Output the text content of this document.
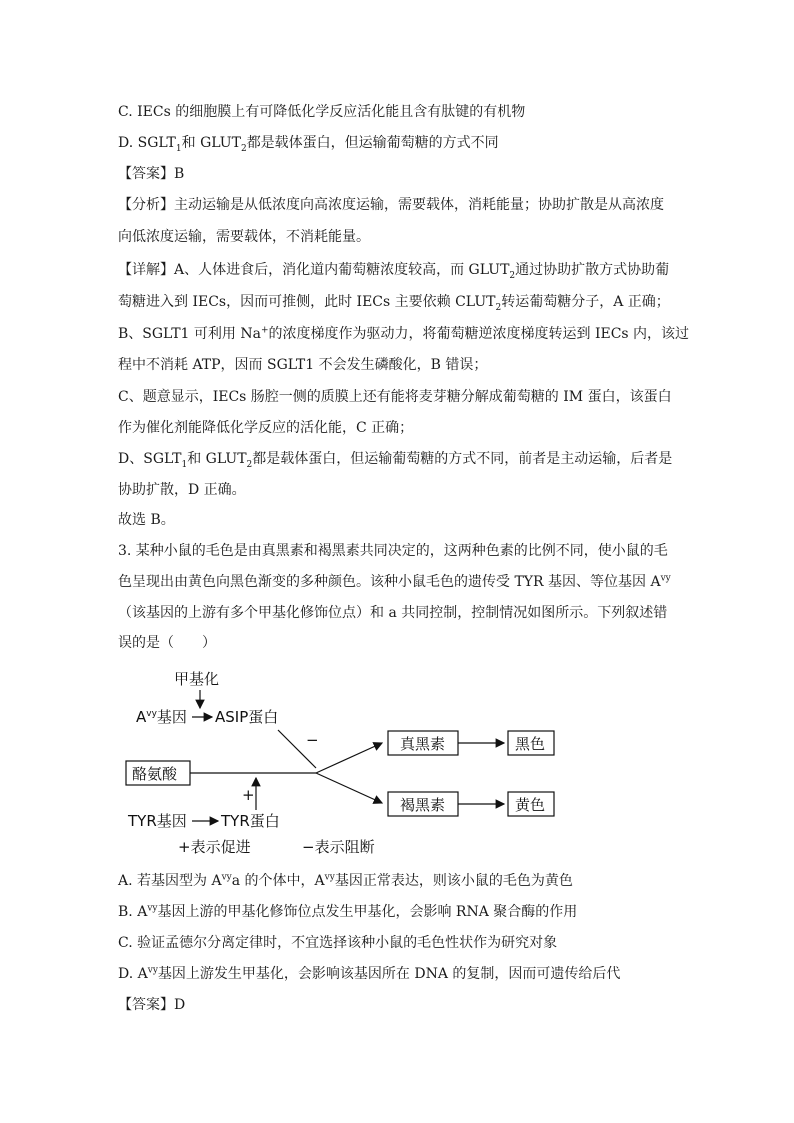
C. IECs 的细胞膜上有可降低化学反应活化能且含有肽键的有机物
D. $SGLT_1$和 $GLUT_2$都是载体蛋白，但运输葡萄糖的方式不同
【答案】B
【分析】主动运输是从低浓度向高浓度运输，需要载体，消耗能量；协助扩散是从高浓度
向低浓度运输，需要载体，不消耗能量。
【详解】A、人体进食后，消化道内葡萄糖浓度较高，而 $GLUT_2$通过协助扩散方式协助葡
萄糖进入到 IECs，因而可推侧，此时 IECs 主要依赖 $CLUT_2$转运葡萄糖分子，A 正确；
B、SGLT1 可利用 Na+的浓度梯度作为驱动力，将葡萄糖逆浓度梯度转运到 IECs 内，该过
程中不消耗 ATP，因而 SGLT1 不会发生磷酸化，B 错误；
C、题意显示，IECs 肠腔一侧的质膜上还有能将麦芽糖分解成葡萄糖的 IM 蛋白，该蛋白
作为催化剂能降低化学反应的活化能，C 正确；
D、$SGLT_1$和 $GLUT_2$都是载体蛋白，但运输葡萄糖的方式不同，前者是主动运输，后者是
协助扩散，D 正确。
故选 B。
3. 某种小鼠的毛色是由真黑素和褐黑素共同决定的，这两种色素的比例不同，使小鼠的毛
色呈现出由黄色向黑色渐变的多种颜色。该种小鼠毛色的遗传受 TYR 基因、等位基因 $A^{vy}$
（该基因的上游有多个甲基化修饰位点）和 a 共同控制，控制情况如图所示。下列叙述错
误的是（　　）
甲基化
$A^{vy}$基因 ASIP蛋白
−
酪氨酸
真黑素	黑色
褐黑素	黄色
+
TYR基因 TYR蛋白
+表示促进	−表示阻断
A. 若基因型为 $A^{vy}a$ 的个体中，$A^{vy}$基因正常表达，则该小鼠的毛色为黄色
B. $A^{vy}$基因上游的甲基化修饰位点发生甲基化，会影响 RNA 聚合酶的作用
C. 验证孟德尔分离定律时，不宜选择该种小鼠的毛色性状作为研究对象
D. $A^{vy}$基因上游发生甲基化，会影响该基因所在 DNA 的复制，因而可遗传给后代
【答案】D
